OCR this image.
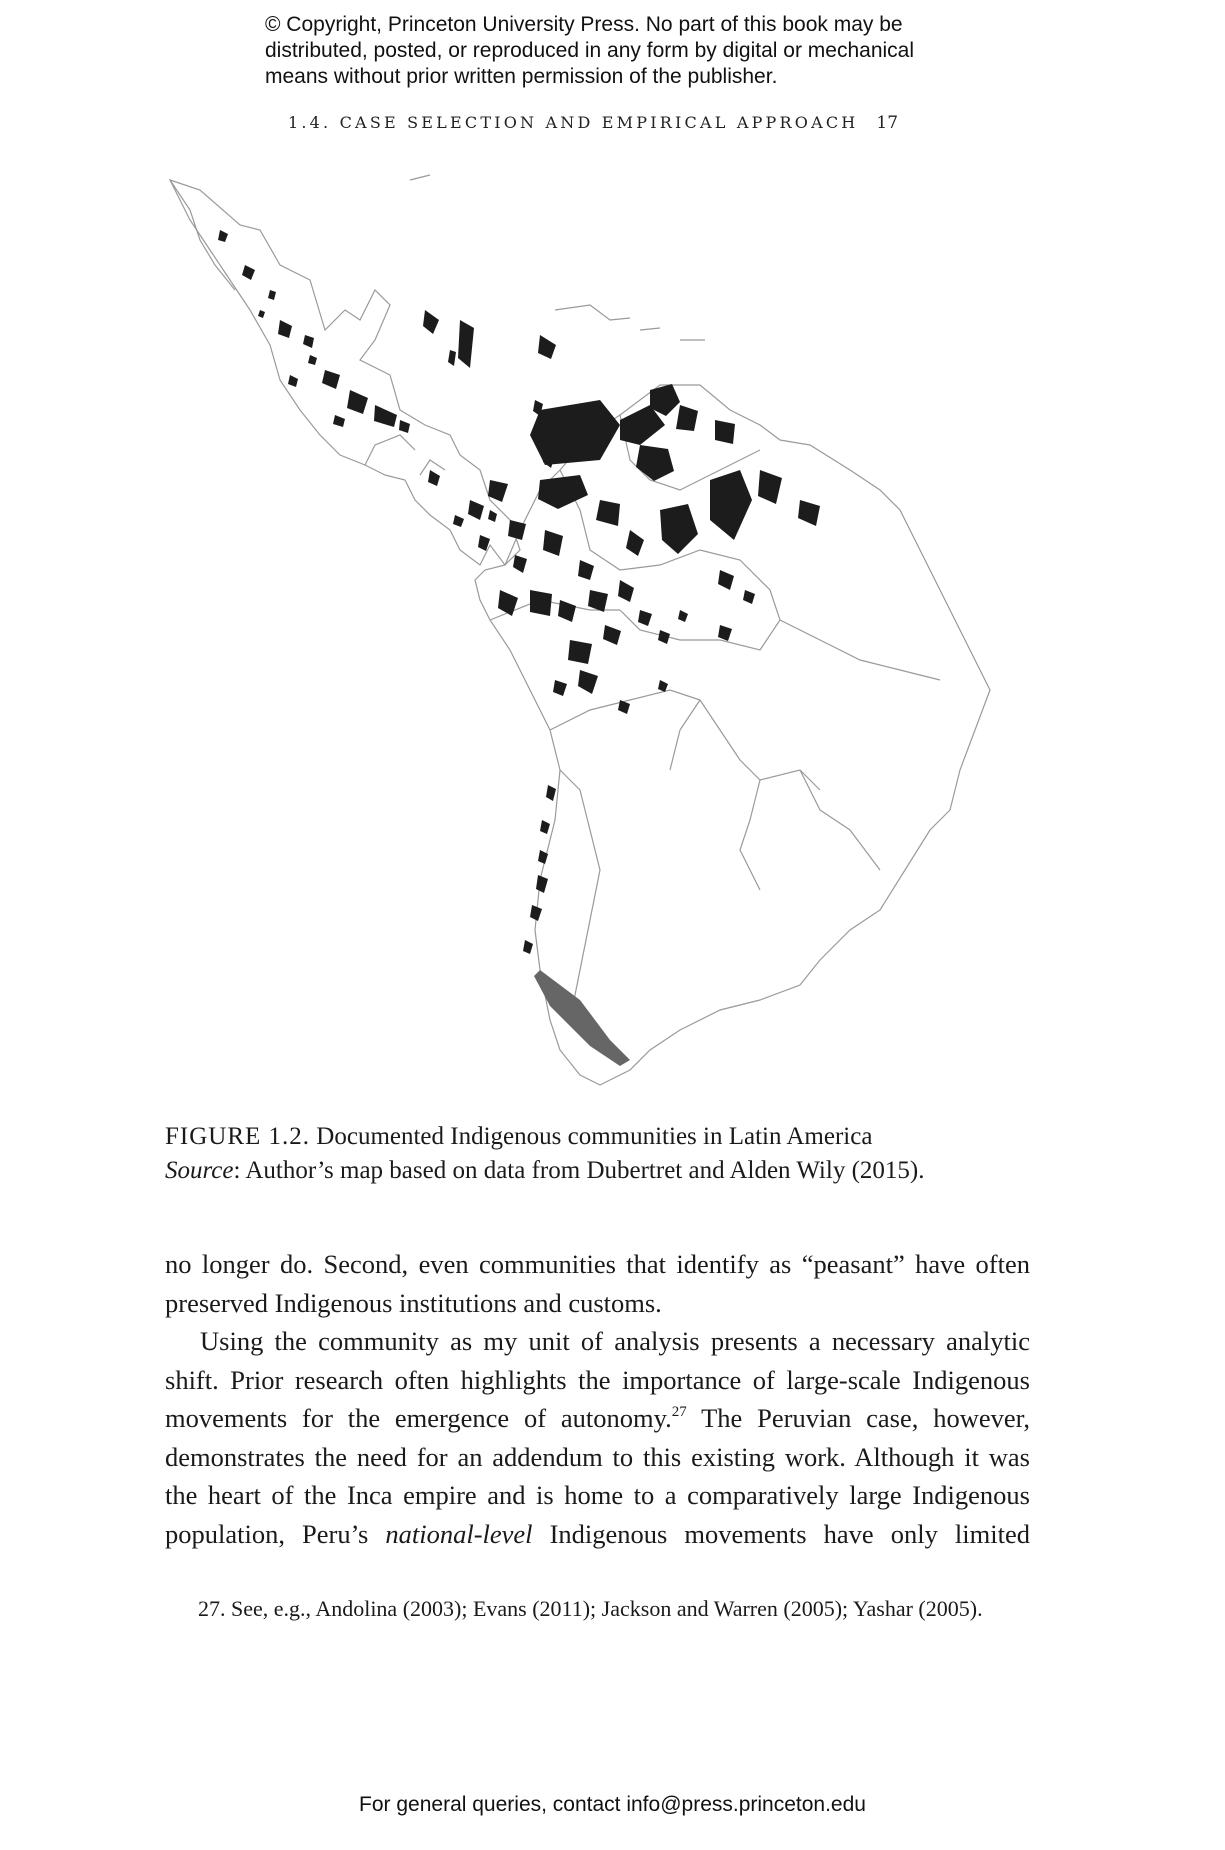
© Copyright, Princeton University Press. No part of this book may be
distributed, posted, or reproduced in any form by digital or mechanical
means without prior written permission of the publisher.
1.4. CASE SELECTION AND EMPIRICAL APPROACH 17
FIGURE 1.2. Documented Indigenous communities in Latin America
Source: Author’s map based on data from Dubertret and Alden Wily (2015).

no longer do. Second, even communities that identify as “peasant” have often preserved Indigenous institutions and customs.

Using the community as my unit of analysis presents a necessary analytic shift. Prior research often highlights the importance of large-scale Indigenous movements for the emergence of autonomy.$^{27}$ The Peruvian case, however, demonstrates the need for an addendum to this existing work. Although it was the heart of the Inca empire and is home to a comparatively large Indigenous population, Peru’s national-level Indigenous movements have only limited

27. See, e.g., Andolina (2003); Evans (2011); Jackson and Warren (2005); Yashar (2005).
For general queries, contact info@press.princeton.edu
